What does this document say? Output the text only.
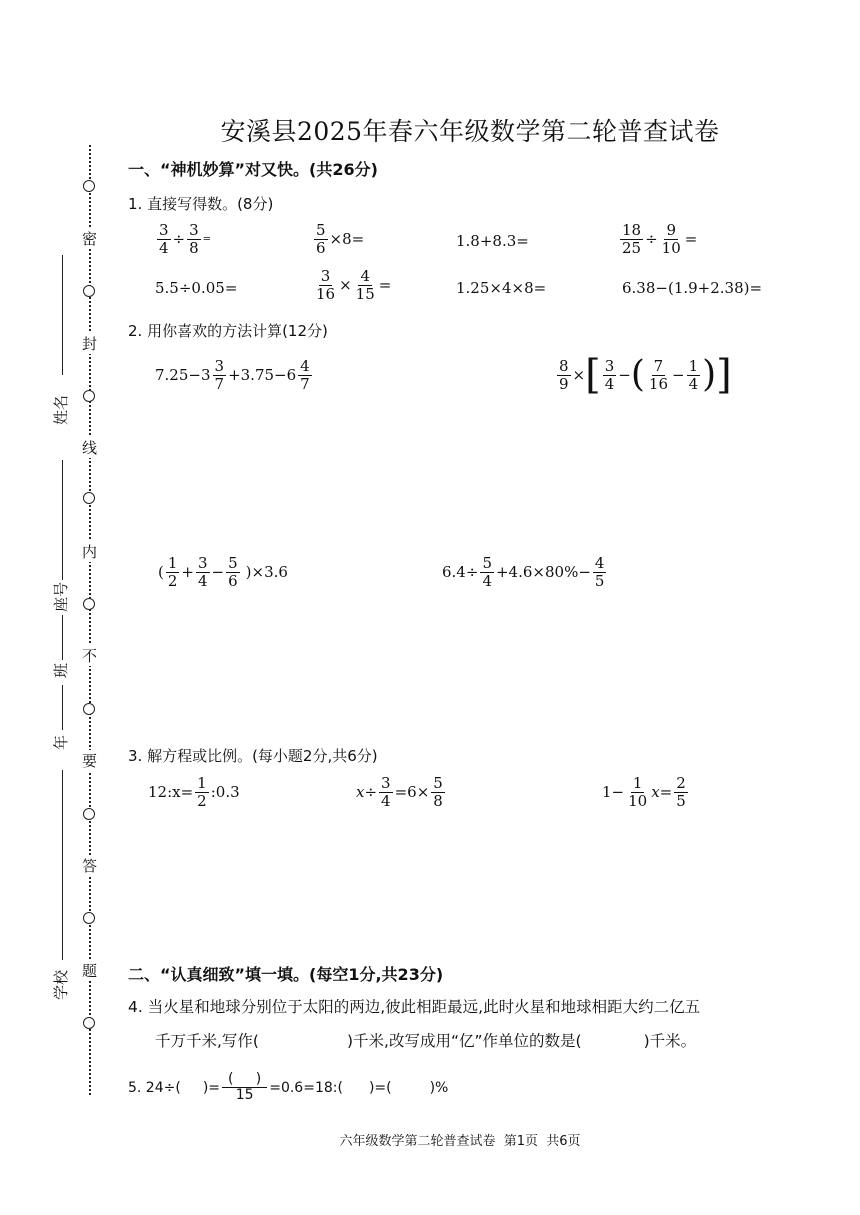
密
封
线
内
不
要
答
题
姓名
座号
班
年
学校
安溪县2025年春六年级数学第二轮普查试卷
一、“神机妙算”对又快。(共26分)
1. 直接写得数。(8分)
$\frac{3}{4} \div \frac{3}{8}$ =	$\frac{5}{6} \times 8=$	1.8+8.3=	$\frac{18}{25} \div \frac{9}{10}$ =
5.5÷0.05=	$\frac{3}{16} \times \frac{4}{15}$ =	1.25×4×8=	6.38−(1.9+2.38)=
2. 用你喜欢的方法计算(12分)
$7.25-3 \frac{3}{7} +3.75-6 \frac{4}{7}$	$\frac{8}{9}$ × [ $\frac{3}{4}$ − ( $\frac{7}{16} - \frac{1}{4}$ ) ]
( $\frac{1}{2} + \frac{3}{4} - \frac{5}{6} )\times 3.6$	$6.4\div \frac{5}{4} +4.6\times 80\%- \frac{4}{5}$
3. 解方程或比例。(每小题2分,共6分)
12:x= $\frac{1}{2}$ :0.3	$x\div \frac{3}{4} =6\times \frac{5}{8}$	$1- \frac{1}{10} x= \frac{2}{5}$
二、“认真细致”填一填。(每空1分,共23分)
4. 当火星和地球分别位于太阳的两边,彼此相距最远,此时火星和地球相距大约二亿五
千万千米,写作(	)千米,改写成用“亿”作单位的数是(	)千米。
5. 24÷( )= $\frac{( )}{15}$ =0.6=18:( )=(	)%
六年级数学第二轮普查试卷  第1页  共6页
